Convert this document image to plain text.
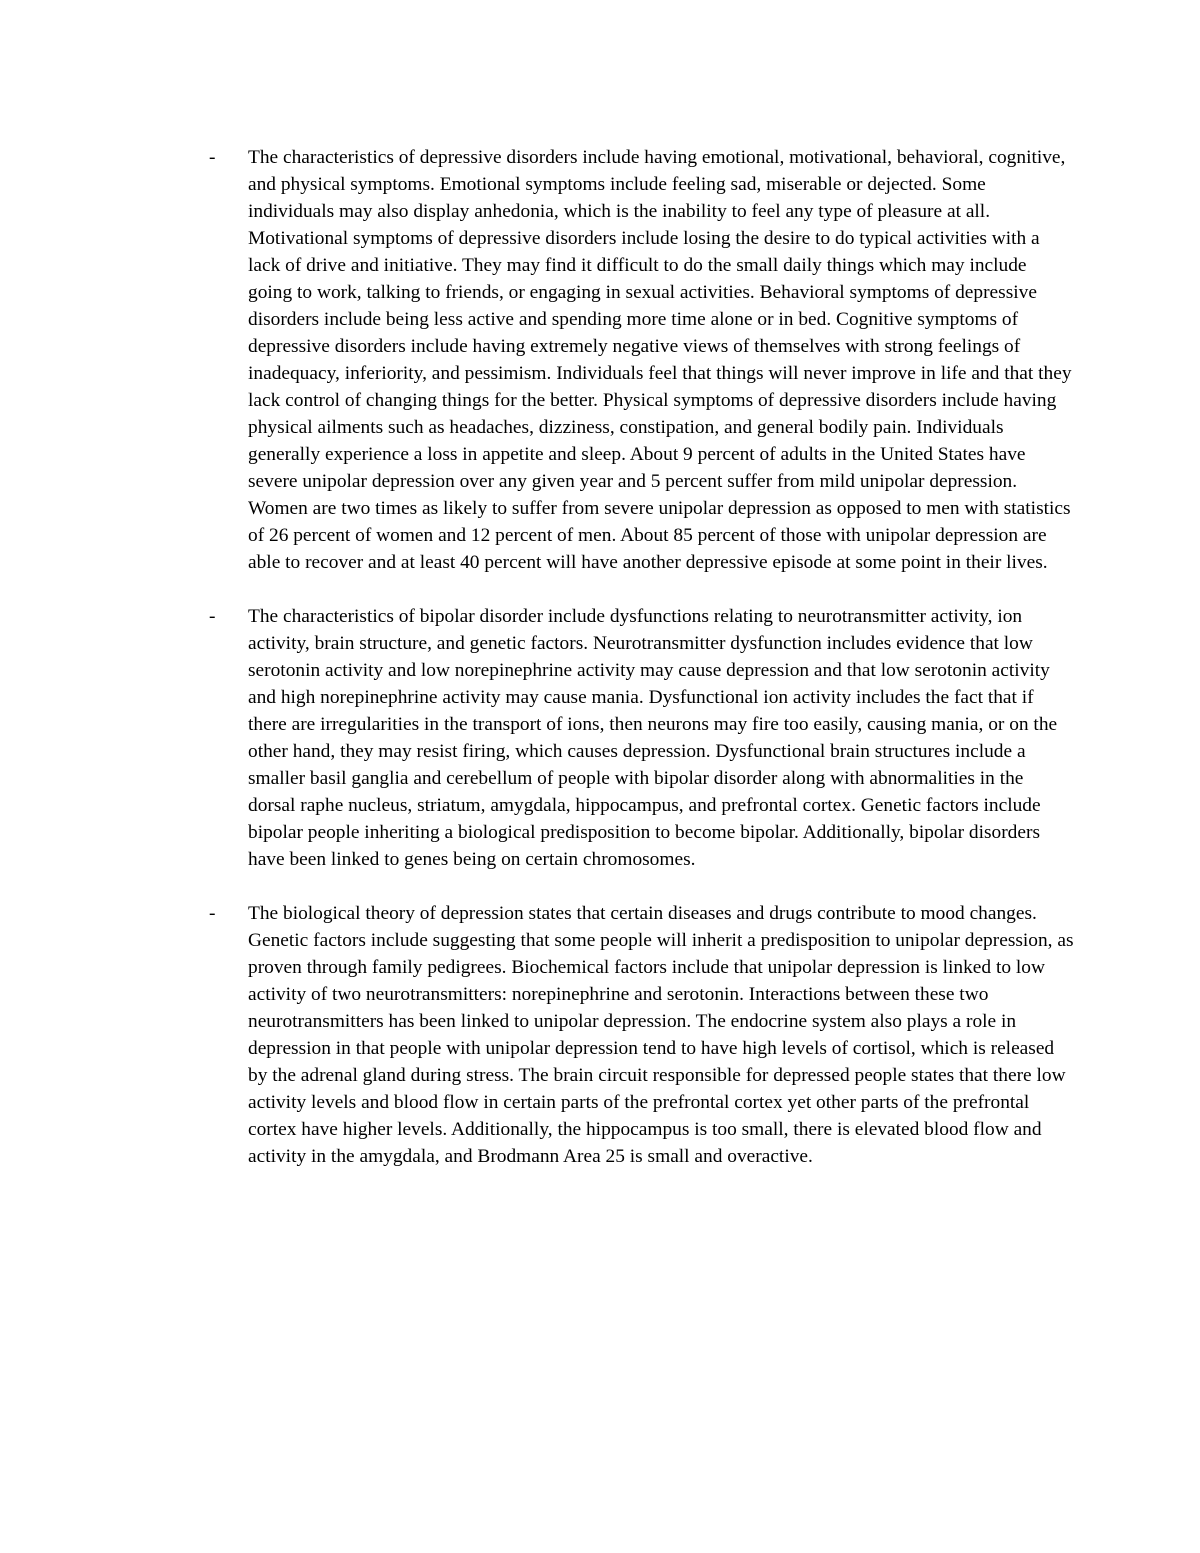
- The characteristics of depressive disorders include having emotional, motivational, behavioral, cognitive, and physical symptoms. Emotional symptoms include feeling sad, miserable or dejected. Some individuals may also display anhedonia, which is the inability to feel any type of pleasure at all. Motivational symptoms of depressive disorders include losing the desire to do typical activities with a lack of drive and initiative. They may find it difficult to do the small daily things which may include going to work, talking to friends, or engaging in sexual activities. Behavioral symptoms of depressive disorders include being less active and spending more time alone or in bed. Cognitive symptoms of depressive disorders include having extremely negative views of themselves with strong feelings of inadequacy, inferiority, and pessimism. Individuals feel that things will never improve in life and that they lack control of changing things for the better. Physical symptoms of depressive disorders include having physical ailments such as headaches, dizziness, constipation, and general bodily pain. Individuals generally experience a loss in appetite and sleep. About 9 percent of adults in the United States have severe unipolar depression over any given year and 5 percent suffer from mild unipolar depression. Women are two times as likely to suffer from severe unipolar depression as opposed to men with statistics of 26 percent of women and 12 percent of men. About 85 percent of those with unipolar depression are able to recover and at least 40 percent will have another depressive episode at some point in their lives.

- The characteristics of bipolar disorder include dysfunctions relating to neurotransmitter activity, ion activity, brain structure, and genetic factors. Neurotransmitter dysfunction includes evidence that low serotonin activity and low norepinephrine activity may cause depression and that low serotonin activity and high norepinephrine activity may cause mania. Dysfunctional ion activity includes the fact that if there are irregularities in the transport of ions, then neurons may fire too easily, causing mania, or on the other hand, they may resist firing, which causes depression. Dysfunctional brain structures include a smaller basil ganglia and cerebellum of people with bipolar disorder along with abnormalities in the dorsal raphe nucleus, striatum, amygdala, hippocampus, and prefrontal cortex. Genetic factors include bipolar people inheriting a biological predisposition to become bipolar. Additionally, bipolar disorders have been linked to genes being on certain chromosomes.

- The biological theory of depression states that certain diseases and drugs contribute to mood changes. Genetic factors include suggesting that some people will inherit a predisposition to unipolar depression, as proven through family pedigrees. Biochemical factors include that unipolar depression is linked to low activity of two neurotransmitters: norepinephrine and serotonin. Interactions between these two neurotransmitters has been linked to unipolar depression. The endocrine system also plays a role in depression in that people with unipolar depression tend to have high levels of cortisol, which is released by the adrenal gland during stress. The brain circuit responsible for depressed people states that there low activity levels and blood flow in certain parts of the prefrontal cortex yet other parts of the prefrontal cortex have higher levels. Additionally, the hippocampus is too small, there is elevated blood flow and activity in the amygdala, and Brodmann Area 25 is small and overactive.
